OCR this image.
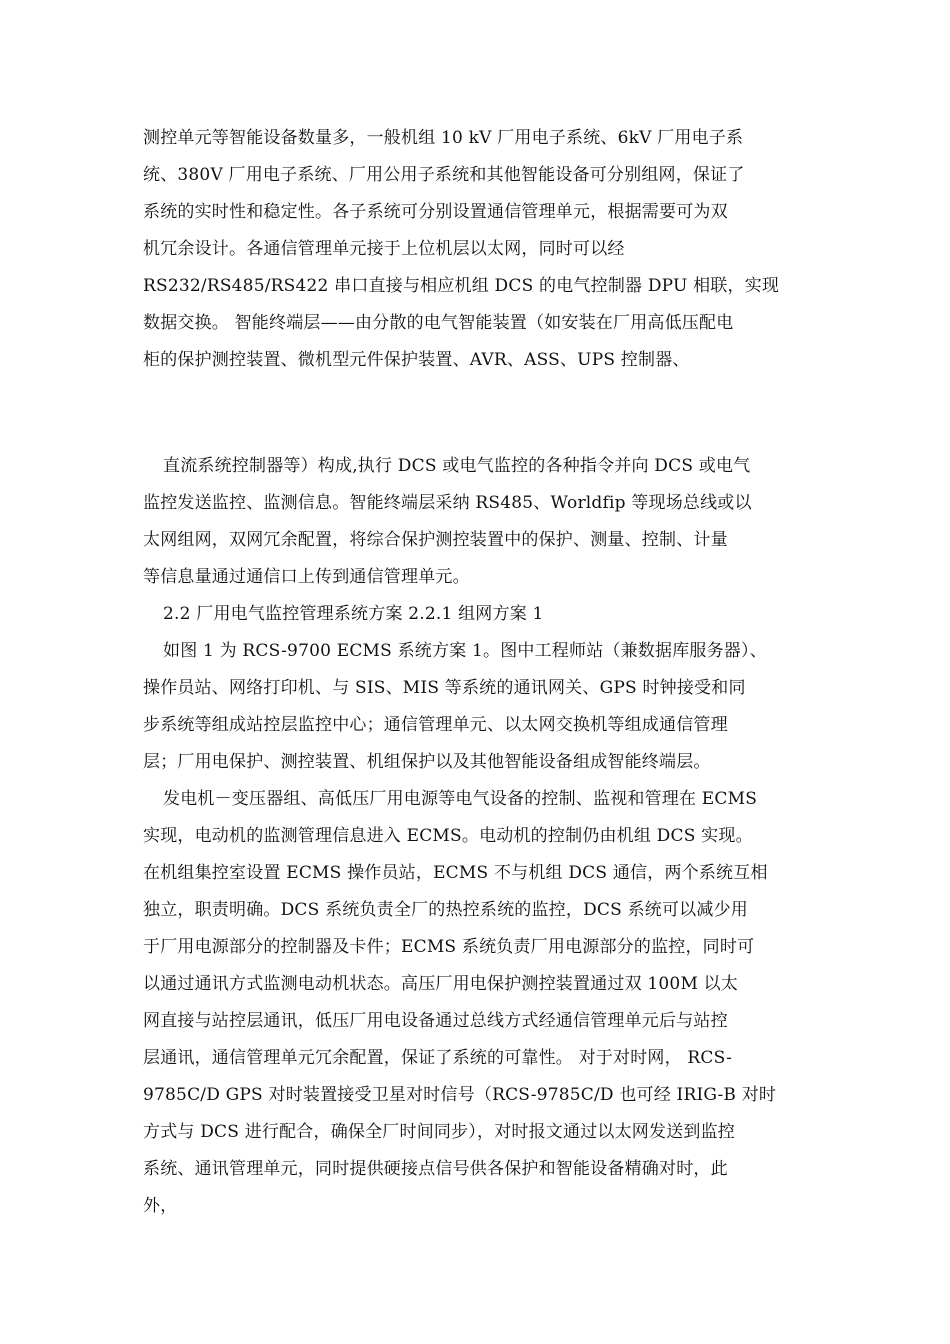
测控单元等智能设备数量多，一般机组 10 kV 厂用电子系统、6kV 厂用电子系
统、380V 厂用电子系统、厂用公用子系统和其他智能设备可分别组网，保证了
系统的实时性和稳定性。各子系统可分别设置通信管理单元，根据需要可为双
机冗余设计。各通信管理单元接于上位机层以太网，同时可以经
RS232/RS485/RS422 串口直接与相应机组 DCS 的电气控制器 DPU 相联，实现
数据交换。 智能终端层——由分散的电气智能装置（如安装在厂用高低压配电
柜的保护测控装置、微机型元件保护装置、AVR、ASS、UPS 控制器、
直流系统控制器等）构成,执行 DCS 或电气监控的各种指令并向 DCS 或电气
监控发送监控、监测信息。智能终端层采纳 RS485、Worldfip 等现场总线或以
太网组网，双网冗余配置，将综合保护测控装置中的保护、测量、控制、计量
等信息量通过通信口上传到通信管理单元。
2.2 厂用电气监控管理系统方案 2.2.1 组网方案 1
如图 1 为 RCS-9700 ECMS 系统方案 1。图中工程师站（兼数据库服务器）、
操作员站、网络打印机、与 SIS、MIS 等系统的通讯网关、GPS 时钟接受和同
步系统等组成站控层监控中心；通信管理单元、以太网交换机等组成通信管理
层；厂用电保护、测控装置、机组保护以及其他智能设备组成智能终端层。
发电机－变压器组、高低压厂用电源等电气设备的控制、监视和管理在 ECMS
实现，电动机的监测管理信息进入 ECMS。电动机的控制仍由机组 DCS 实现。
在机组集控室设置 ECMS 操作员站，ECMS 不与机组 DCS 通信，两个系统互相
独立，职责明确。DCS 系统负责全厂的热控系统的监控，DCS 系统可以减少用
于厂用电源部分的控制器及卡件；ECMS 系统负责厂用电源部分的监控，同时可
以通过通讯方式监测电动机状态。高压厂用电保护测控装置通过双 100M 以太
网直接与站控层通讯，低压厂用电设备通过总线方式经通信管理单元后与站控
层通讯，通信管理单元冗余配置，保证了系统的可靠性。 对于对时网， RCS-
9785C/D GPS 对时装置接受卫星对时信号（RCS-9785C/D 也可经 IRIG-B 对时
方式与 DCS 进行配合，确保全厂时间同步），对时报文通过以太网发送到监控
系统、通讯管理单元，同时提供硬接点信号供各保护和智能设备精确对时，此
外，
